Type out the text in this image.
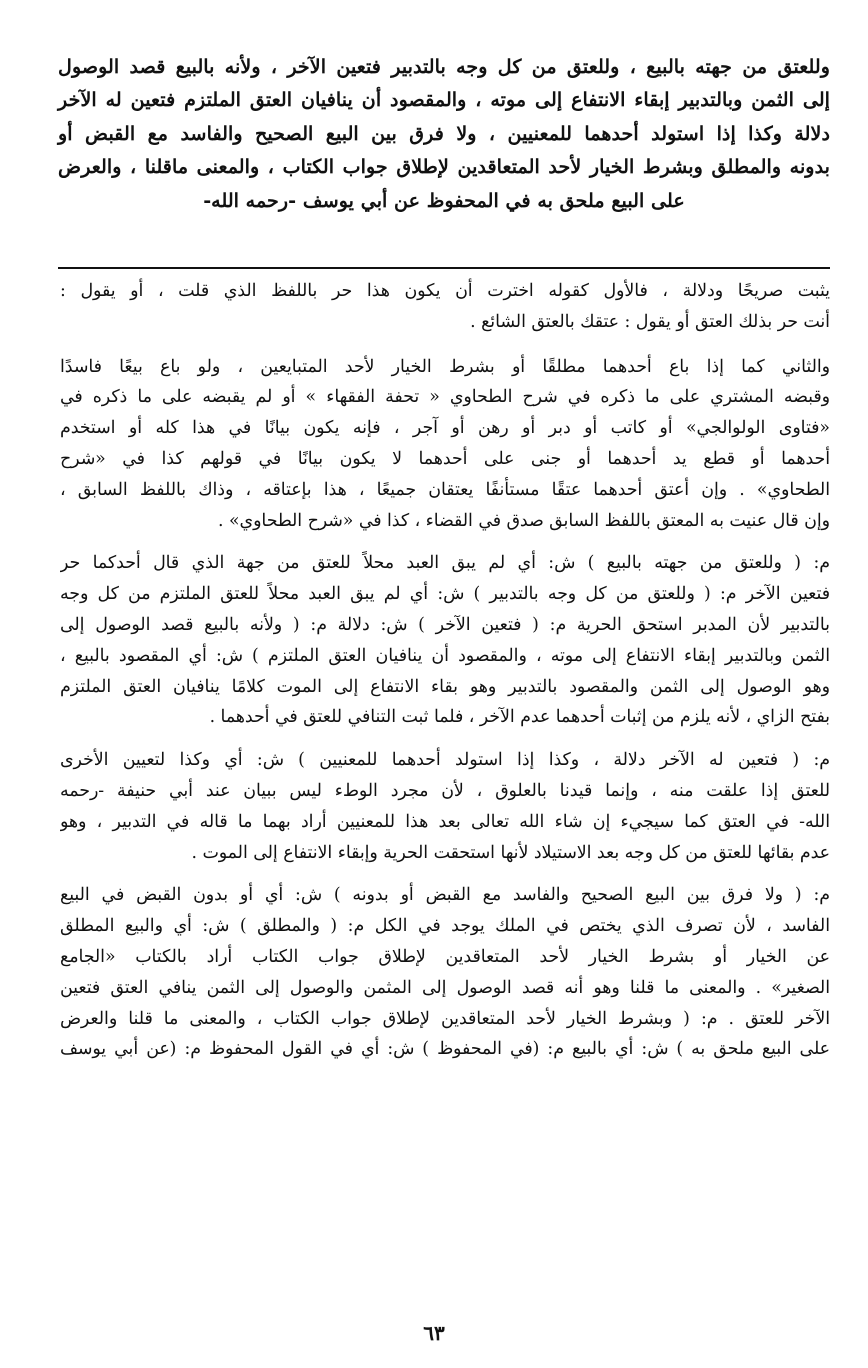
وللعتق من جهته بالبيع ، وللعتق من كل وجه بالتدبير فتعين الآخر ، ولأنه بالبيع قصد الوصول

إلى الثمن وبالتدبير إبقاء الانتفاع إلى موته ، والمقصود أن ينافيان العتق الملتزم فتعين له الآخر

دلالة وكذا إذا استولد أحدهما للمعنيين ، ولا فرق بين البيع الصحيح والفاسد مع القبض أو

بدونه والمطلق وبشرط الخيار لأحد المتعاقدين لإطلاق جواب الكتاب ، والمعنى ماقلنا ، والعرض

على البيع ملحق به في المحفوظ عن أبي يوسف -رحمه الله-

يثبت صريحًا ودلالة ، فالأول كقوله اخترت أن يكون هذا حر باللفظ الذي قلت ، أو يقول :
أنت حر بذلك العتق أو يقول : عتقك بالعتق الشائع .
والثاني كما إذا باع أحدهما مطلقًا أو بشرط الخيار لأحد المتبايعين ، ولو باع بيعًا فاسدًا
وقبضه المشتري على ما ذكره في شرح الطحاوي « تحفة الفقهاء » أو لم يقبضه على ما ذكره في
«فتاوى الولوالجي» أو كاتب أو دبر أو رهن أو آجر ، فإنه يكون بيانًا في هذا كله أو استخدم
أحدهما أو قطع يد أحدهما أو جنى على أحدهما لا يكون بيانًا في قولهم كذا في «شرح
الطحاوي» . وإن أعتق أحدهما عتقًا مستأنفًا يعتقان جميعًا ، هذا بإعتاقه ، وذاك باللفظ السابق ،
وإن قال عنيت به المعتق باللفظ السابق صدق في القضاء ، كذا في «شرح الطحاوي» .
م: ( وللعتق من جهته بالبيع ) ش: أي لم يبق العبد محلاً للعتق من جهة الذي قال أحدكما حر
فتعين الآخر م: ( وللعتق من كل وجه بالتدبير ) ش: أي لم يبق العبد محلاً للعتق الملتزم من كل وجه
بالتدبير لأن المدبر استحق الحرية م: ( فتعين الآخر ) ش: دلالة م: ( ولأنه بالبيع قصد الوصول إلى
الثمن وبالتدبير إبقاء الانتفاع إلى موته ، والمقصود أن ينافيان العتق الملتزم ) ش: أي المقصود بالبيع ،
وهو الوصول إلى الثمن والمقصود بالتدبير وهو بقاء الانتفاع إلى الموت كلامًا ينافيان العتق الملتزم
بفتح الزاي ، لأنه يلزم من إثبات أحدهما عدم الآخر ، فلما ثبت التنافي للعتق في أحدهما .
م: ( فتعين له الآخر دلالة ، وكذا إذا استولد أحدهما للمعنيين ) ش: أي وكذا لتعيين الأخرى
للعتق إذا علقت منه ، وإنما قيدنا بالعلوق ، لأن مجرد الوطء ليس ببيان عند أبي حنيفة -رحمه
الله- في العتق كما سيجيء إن شاء الله تعالى بعد هذا للمعنيين أراد بهما ما قاله في التدبير ، وهو
عدم بقائها للعتق من كل وجه بعد الاستيلاد لأنها استحقت الحرية وإبقاء الانتفاع إلى الموت .
م: ( ولا فرق بين البيع الصحيح والفاسد مع القبض أو بدونه ) ش: أي أو بدون القبض في البيع
الفاسد ، لأن تصرف الذي يختص في الملك يوجد في الكل م: ( والمطلق ) ش: أي والبيع المطلق
عن الخيار أو بشرط الخيار لأحد المتعاقدين لإطلاق جواب الكتاب أراد بالكتاب «الجامع
الصغير» . والمعنى ما قلنا وهو أنه قصد الوصول إلى المثمن والوصول إلى الثمن ينافي العتق فتعين
الآخر للعتق . م: ( وبشرط الخيار لأحد المتعاقدين لإطلاق جواب الكتاب ، والمعنى ما قلنا والعرض
على البيع ملحق به ) ش: أي بالبيع م: (في المحفوظ ) ش: أي في القول المحفوظ م: (عن أبي يوسف
٦٣
